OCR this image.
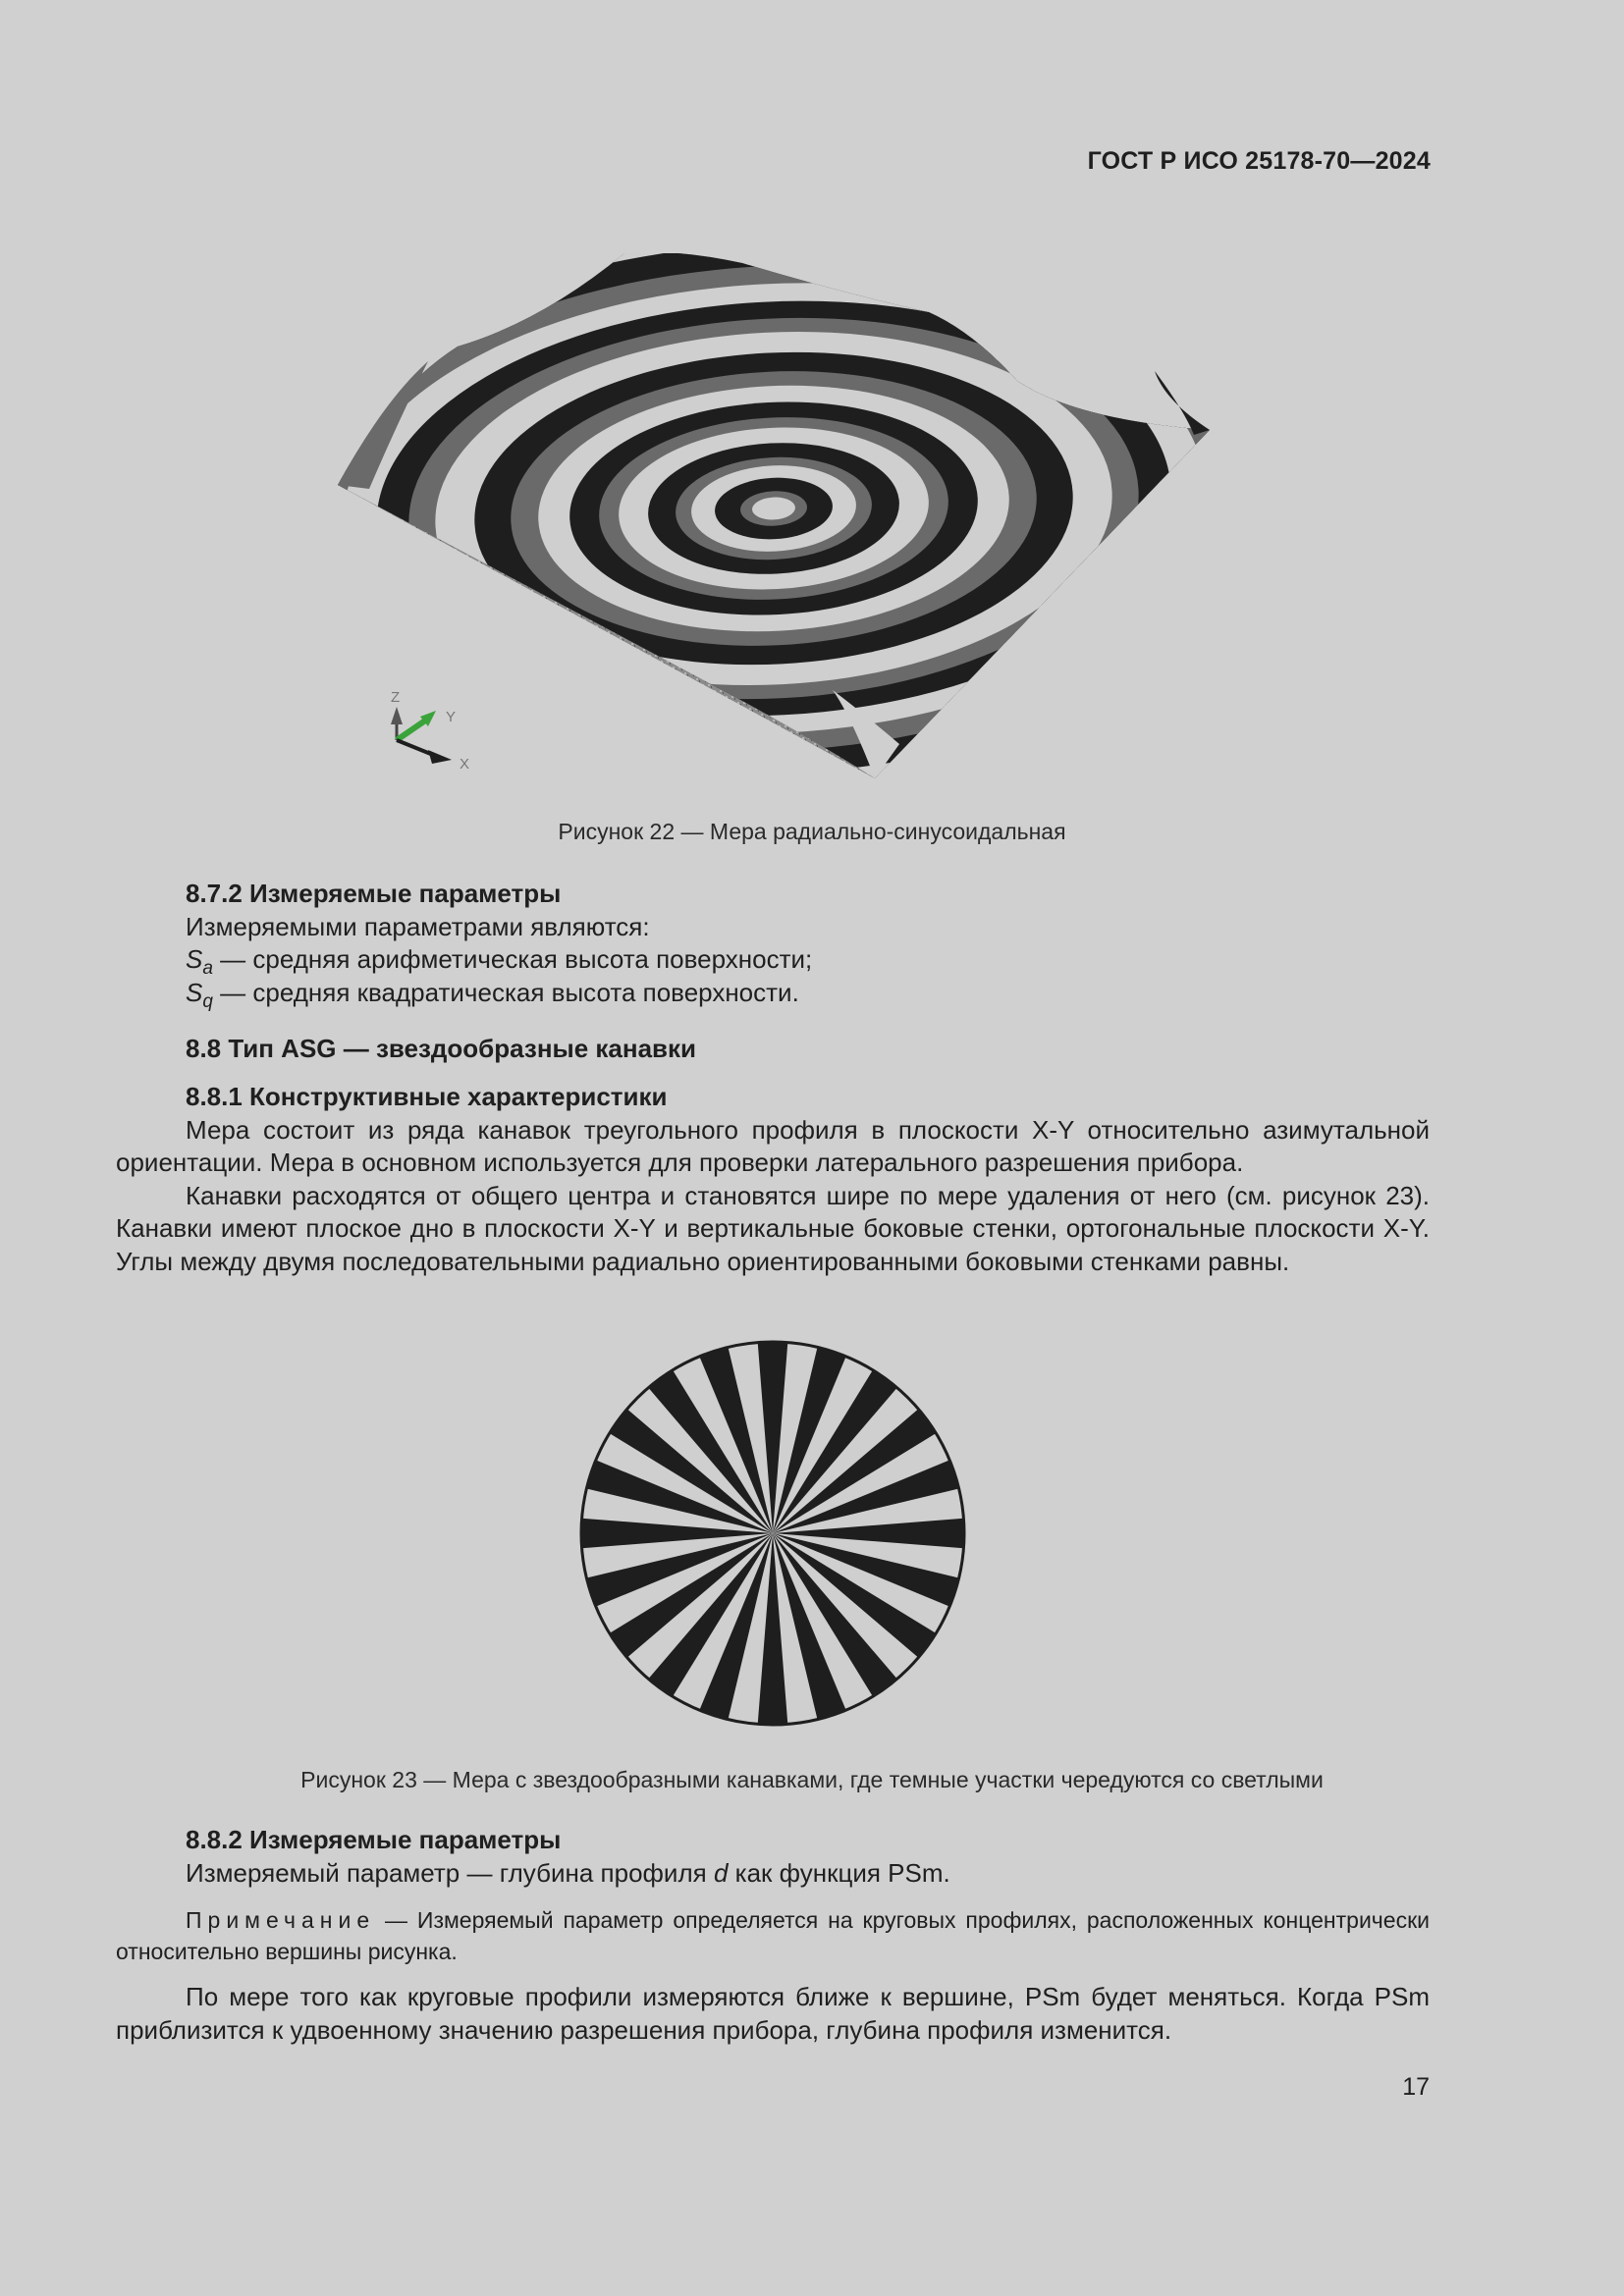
ГОСТ Р ИСО 25178-70—2024
Z
Y
X
Рисунок 22 — Мера радиально-синусоидальная

8.7.2 Измеряемые параметры

Измеряемыми параметрами являются:

$S_a$ — средняя арифметическая высота поверхности;

$S_q$ — средняя квадратическая высота поверхности.

8.8 Тип ASG — звездообразные канавки

8.8.1 Конструктивные характеристики

Мера состоит из ряда канавок треугольного профиля в плоскости X-Y относительно азимутальной ориентации. Мера в основном используется для проверки латерального разрешения прибора.

Канавки расходятся от общего центра и становятся шире по мере удаления от него (см. рисунок 23). Канавки имеют плоское дно в плоскости X-Y и вертикальные боковые стенки, ортогональные плоскости X-Y. Углы между двумя последовательными радиально ориентированными боковыми стенками равны.

Рисунок 23 — Мера с звездообразными канавками, где темные участки чередуются со светлыми

8.8.2 Измеряемые параметры

Измеряемый параметр — глубина профиля d как функция PSm.

Примечание — Измеряемый параметр определяется на круговых профилях, расположенных концентрически относительно вершины рисунка.

По мере того как круговые профили измеряются ближе к вершине, PSm будет меняться. Когда PSm приблизится к удвоенному значению разрешения прибора, глубина профиля изменится.

17
